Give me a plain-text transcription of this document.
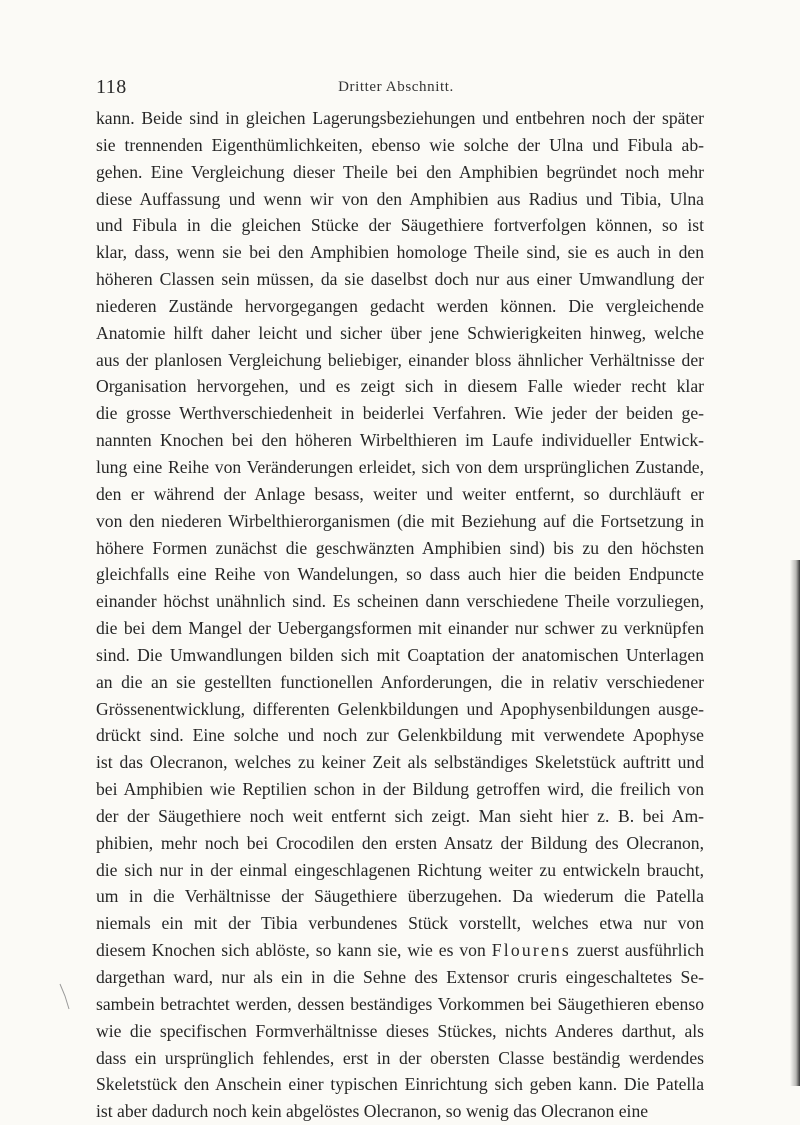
118	Dritter Abschnitt.
kann. Beide sind in gleichen Lagerungsbeziehungen und entbehren noch der später
sie trennenden Eigenthümlichkeiten, ebenso wie solche der Ulna und Fibula ab-
gehen. Eine Vergleichung dieser Theile bei den Amphibien begründet noch mehr
diese Auffassung und wenn wir von den Amphibien aus Radius und Tibia, Ulna
und Fibula in die gleichen Stücke der Säugethiere fortverfolgen können, so ist
klar, dass, wenn sie bei den Amphibien homologe Theile sind, sie es auch in den
höheren Classen sein müssen, da sie daselbst doch nur aus einer Umwandlung der
niederen Zustände hervorgegangen gedacht werden können. Die vergleichende
Anatomie hilft daher leicht und sicher über jene Schwierigkeiten hinweg, welche
aus der planlosen Vergleichung beliebiger, einander bloss ähnlicher Verhältnisse der
Organisation hervorgehen, und es zeigt sich in diesem Falle wieder recht klar
die grosse Werthverschiedenheit in beiderlei Verfahren. Wie jeder der beiden ge-
nannten Knochen bei den höheren Wirbelthieren im Laufe individueller Entwick-
lung eine Reihe von Veränderungen erleidet, sich von dem ursprünglichen Zustande,
den er während der Anlage besass, weiter und weiter entfernt, so durchläuft er
von den niederen Wirbelthierorganismen (die mit Beziehung auf die Fortsetzung in
höhere Formen zunächst die geschwänzten Amphibien sind) bis zu den höchsten
gleichfalls eine Reihe von Wandelungen, so dass auch hier die beiden Endpuncte
einander höchst unähnlich sind. Es scheinen dann verschiedene Theile vorzuliegen,
die bei dem Mangel der Uebergangsformen mit einander nur schwer zu verknüpfen
sind. Die Umwandlungen bilden sich mit Coaptation der anatomischen Unterlagen
an die an sie gestellten functionellen Anforderungen, die in relativ verschiedener
Grössenentwicklung, differenten Gelenkbildungen und Apophysenbildungen ausge-
drückt sind. Eine solche und noch zur Gelenkbildung mit verwendete Apophyse
ist das Olecranon, welches zu keiner Zeit als selbständiges Skeletstück auftritt und
bei Amphibien wie Reptilien schon in der Bildung getroffen wird, die freilich von
der der Säugethiere noch weit entfernt sich zeigt. Man sieht hier z. B. bei Am-
phibien, mehr noch bei Crocodilen den ersten Ansatz der Bildung des Olecranon,
die sich nur in der einmal eingeschlagenen Richtung weiter zu entwickeln braucht,
um in die Verhältnisse der Säugethiere überzugehen. Da wiederum die Patella
niemals ein mit der Tibia verbundenes Stück vorstellt, welches etwa nur von
diesem Knochen sich ablöste, so kann sie, wie es von Flourens zuerst ausführlich
dargethan ward, nur als ein in die Sehne des Extensor cruris eingeschaltetes Se-
sambein betrachtet werden, dessen beständiges Vorkommen bei Säugethieren ebenso
wie die specifischen Formverhältnisse dieses Stückes, nichts Anderes darthut, als
dass ein ursprünglich fehlendes, erst in der obersten Classe beständig werdendes
Skeletstück den Anschein einer typischen Einrichtung sich geben kann. Die Patella
ist aber dadurch noch kein abgelöstes Olecranon, so wenig das Olecranon eine
